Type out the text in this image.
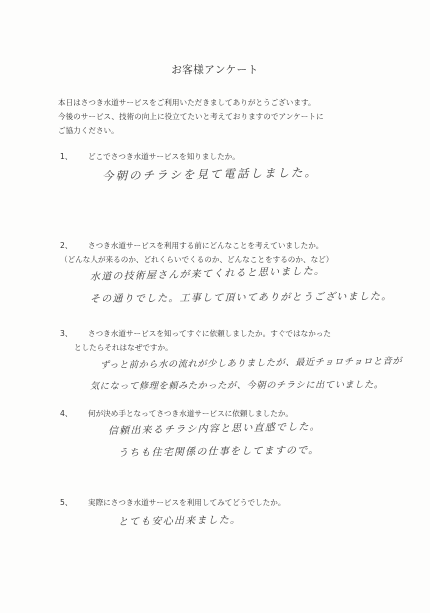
お客様アンケート
本日はさつき水道サービスをご利用いただきましてありがとうございます。
今後のサービス、技術の向上に役立てたいと考えておりますのでアンケートに
ご協力ください。
1、 どこでさつき水道サービスを知りましたか。
今朝のチラシを見て電話しました。
2、 さつき水道サービスを利用する前にどんなことを考えていましたか。
（どんな人が来るのか、どれくらいでくるのか、どんなことをするのか、など）
水道の技術屋さんが来てくれると思いました。
その通りでした。工事して頂いてありがとうございました。
3、 さつき水道サービスを知ってすぐに依頼しましたか。すぐではなかった
としたらそれはなぜですか。
ずっと前から水の流れが少しありましたが、最近チョロチョロと音が
気になって修理を頼みたかったが、今朝のチラシに出ていました。
4、 何が決め手となってさつき水道サービスに依頼しましたか。
信頼出来るチラシ内容と思い直感でした。
うちも住宅関係の仕事をしてますので。
5、 実際にさつき水道サービスを利用してみてどうでしたか。
とても安心出来ました。
